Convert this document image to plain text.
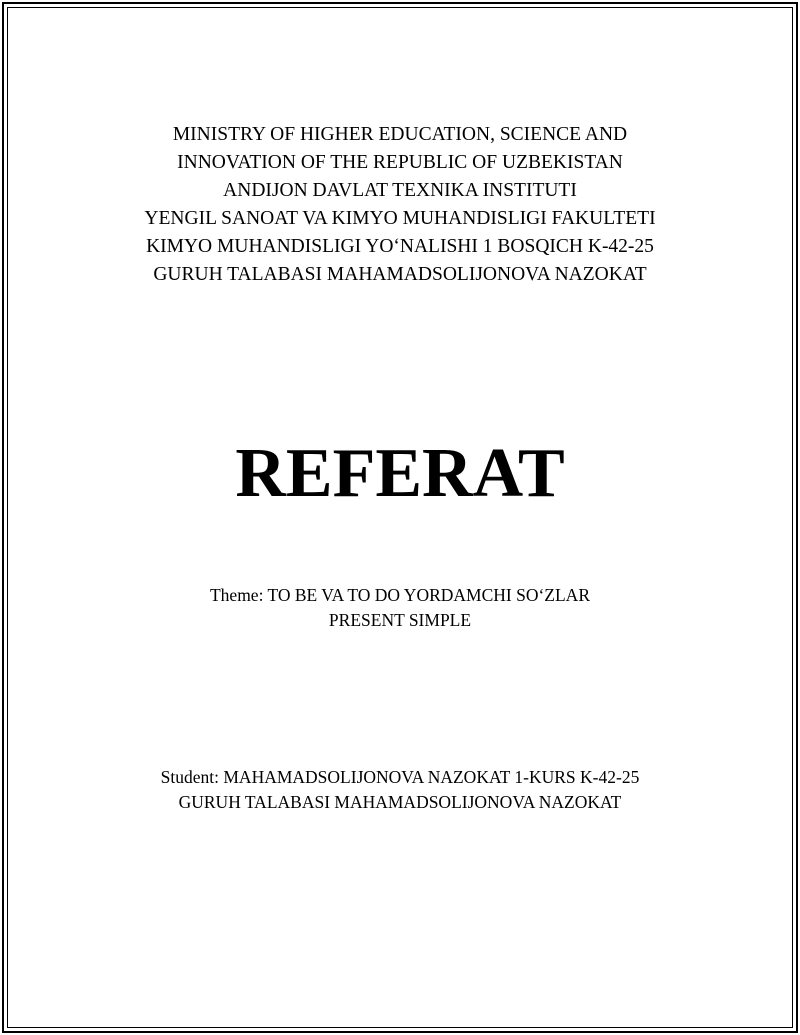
MINISTRY OF HIGHER EDUCATION, SCIENCE AND
INNOVATION OF THE REPUBLIC OF UZBEKISTAN
ANDIJON DAVLAT TEXNIKA INSTITUTI
YENGIL SANOAT VA KIMYO MUHANDISLIGI FAKULTETI
KIMYO MUHANDISLIGI YO‘NALISHI 1 BOSQICH K-42-25
GURUH TALABASI MAHAMADSOLIJONOVA NAZOKAT
REFERAT
Theme: TO BE VA TO DO YORDAMCHI SO‘ZLAR
PRESENT SIMPLE
Student: MAHAMADSOLIJONOVA NAZOKAT 1-KURS K-42-25
GURUH TALABASI MAHAMADSOLIJONOVA NAZOKAT
